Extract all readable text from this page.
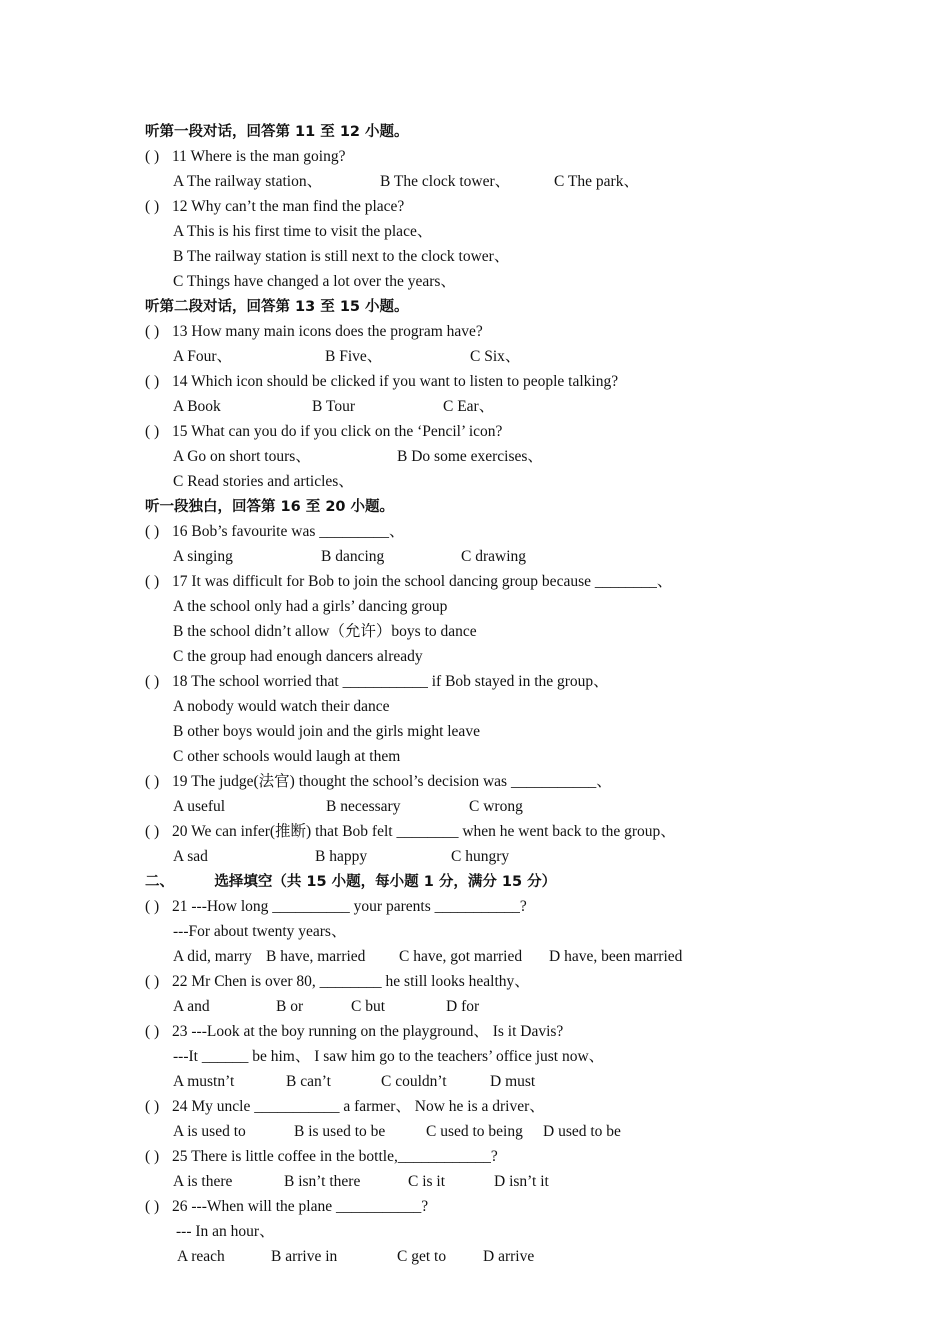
听第一段对话，回答第 11 至 12 小题。
( ) 11 Where is the man going?
A The railway station、	B The clock tower、	C The park、
( ) 12 Why can’t the man find the place?
A This is his first time to visit the place、
B The railway station is still next to the clock tower、
C Things have changed a lot over the years、
听第二段对话，回答第 13 至 15 小题。
( ) 13 How many main icons does the program have?
A Four、	B Five、	C Six、
( ) 14 Which icon should be clicked if you want to listen to people talking?
A Book	B Tour	C Ear、
( ) 15 What can you do if you click on the ‘Pencil’ icon?
A Go on short tours、	B Do some exercises、
C Read stories and articles、
听一段独白，回答第 16 至 20 小题。
( ) 16 Bob’s favourite was _________、
A singing	B dancing	C drawing
( ) 17 It was difficult for Bob to join the school dancing group because ________、
A the school only had a girls’ dancing group
B the school didn’t allow（允许）boys to dance
C the group had enough dancers already
( ) 18 The school worried that ___________ if Bob stayed in the group、
A nobody would watch their dance
B other boys would join and the girls might leave
C other schools would laugh at them
( ) 19 The judge(法官) thought the school’s decision was ___________、
A useful	B necessary	C wrong
( ) 20 We can infer(推断) that Bob felt ________ when he went back to the group、
A sad	B happy	C hungry
二、        选择填空（共 15 小题，每小题 1 分，满分 15 分）
( ) 21 ---How long __________ your parents ___________?
---For about twenty years、
A did, marry B have, married C have, got married D have, been married
( ) 22 Mr Chen is over 80, ________ he still looks healthy、
A and	B or	C but	D for
( ) 23 ---Look at the boy running on the playground、 Is it Davis?
---It ______ be him、 I saw him go to the teachers’ office just now、
A mustn’t	B can’t	C couldn’t	D must
( ) 24 My uncle ___________ a farmer、 Now he is a driver、
A is used to	B is used to be	C used to being D used to be
( ) 25 There is little coffee in the bottle,____________?
A is there	B isn’t there	C is it	D isn’t it
( ) 26 ---When will the plane ___________?
--- In an hour、
A reach	B arrive in	C get to D arrive
